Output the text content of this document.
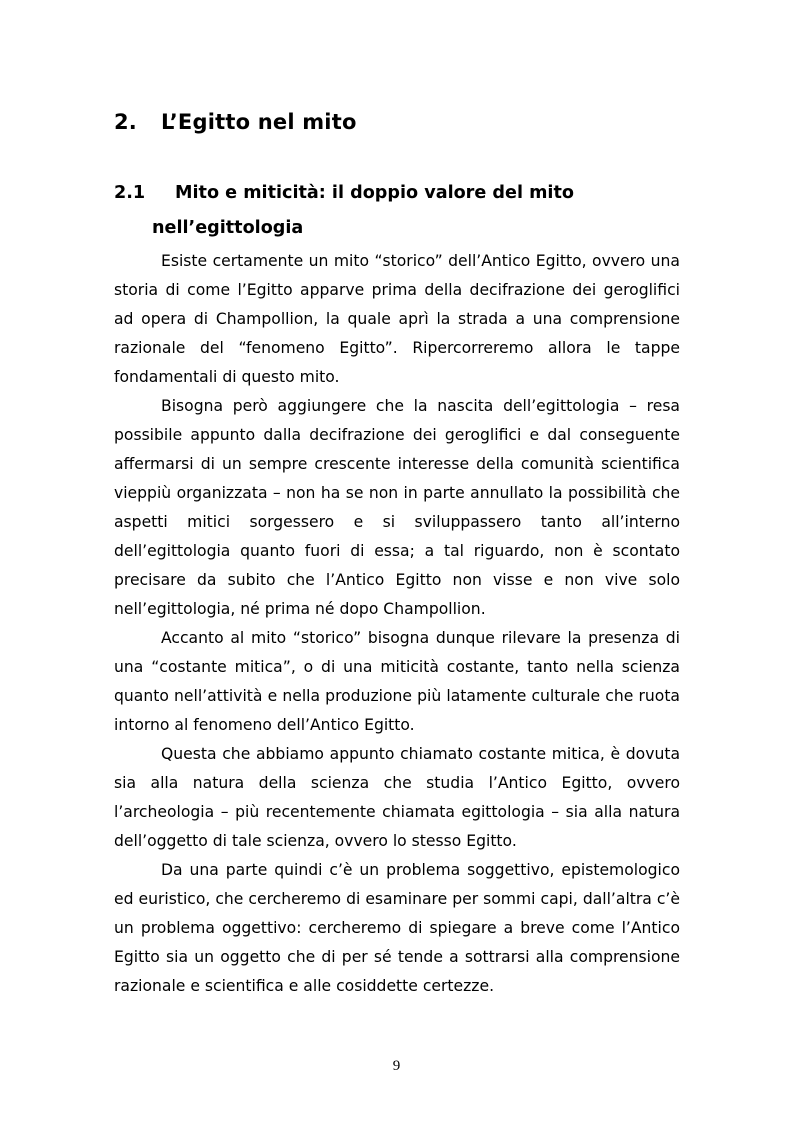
2. L’Egitto nel mito
2.1 Mito e miticità: il doppio valore del mito
nell’egittologia

Esiste certamente un mito “storico” dell’Antico Egitto, ovvero una storia di come l’Egitto apparve prima della decifrazione dei geroglifici ad opera di Champollion, la quale aprì la strada a una comprensione razionale del “fenomeno Egitto”. Ripercorreremo allora le tappe fondamentali di questo mito.

Bisogna però aggiungere che la nascita dell’egittologia – resa possibile appunto dalla decifrazione dei geroglifici e dal conseguente affermarsi di un sempre crescente interesse della comunità scientifica vieppiù organizzata – non ha se non in parte annullato la possibilità che aspetti mitici sorgessero e si sviluppassero tanto all’interno dell’egittologia quanto fuori di essa; a tal riguardo, non è scontato precisare da subito che l’Antico Egitto non visse e non vive solo nell’egittologia, né prima né dopo Champollion.

Accanto al mito “storico” bisogna dunque rilevare la presenza di una “costante mitica”, o di una miticità costante, tanto nella scienza quanto nell’attività e nella produzione più latamente culturale che ruota intorno al fenomeno dell’Antico Egitto.

Questa che abbiamo appunto chiamato costante mitica, è dovuta sia alla natura della scienza che studia l’Antico Egitto, ovvero l’archeologia – più recentemente chiamata egittologia – sia alla natura dell’oggetto di tale scienza, ovvero lo stesso Egitto.

Da una parte quindi c’è un problema soggettivo, epistemologico ed euristico, che cercheremo di esaminare per sommi capi, dall’altra c’è un problema oggettivo: cercheremo di spiegare a breve come l’Antico Egitto sia un oggetto che di per sé tende a sottrarsi alla comprensione razionale e scientifica e alle cosiddette certezze.

9
